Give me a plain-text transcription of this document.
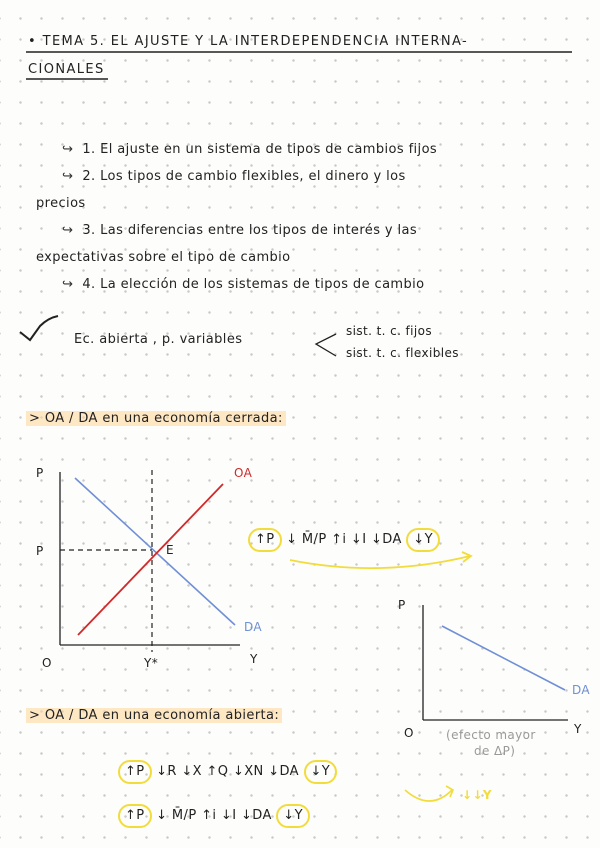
• TEMA 5. EL AJUSTE Y LA INTERDEPENDENCIA INTERNA-
CIONALES
↪ 1. El ajuste en un sistema de tipos de cambios fijos
↪ 2. Los tipos de cambio flexibles, el dinero y los
precios
↪ 3. Las diferencias entre los tipos de interés y las
expectativas sobre el tipo de cambio
↪ 4. La elección de los sistemas de tipos de cambio
Ec. abierta , p. variables
sist. t. c. fijos
sist. t. c. flexibles
> OA / DA en una economía cerrada:
P
P
O	Y*	Y
E
OA
DA
↑P ↓ M̄/P ↑i ↓I ↓DA ↓Y
P
O	Y
DA
(efecto mayor
de ΔP)
> OA / DA en una economía abierta:
↑P ↓R ↓X ↑Q ↓XN ↓DA ↓Y
↑P ↓ M̄/P ↑i ↓I ↓DA ↓Y
↓↓Y
